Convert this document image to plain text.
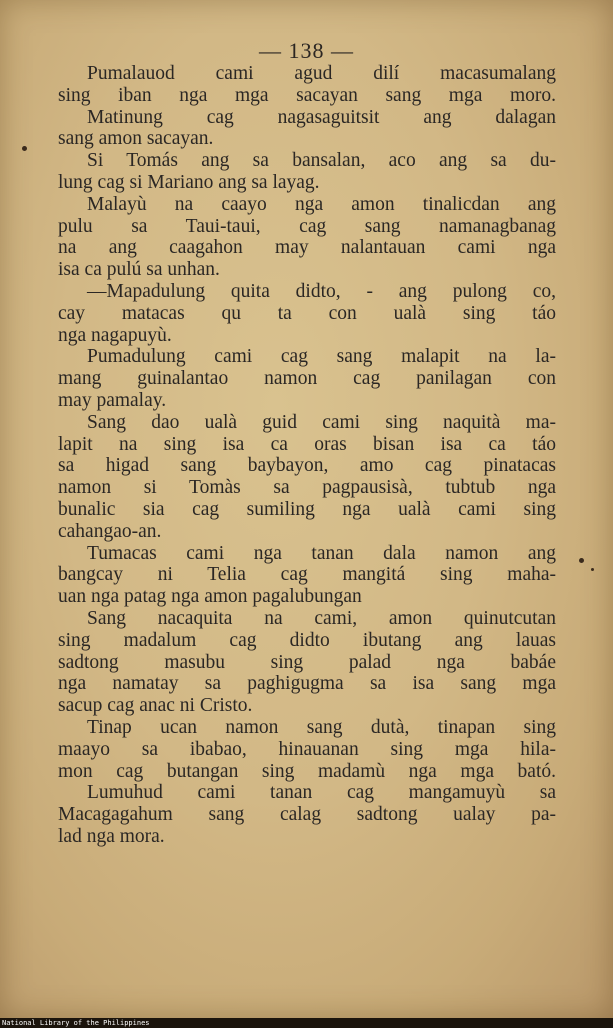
— 138 —
Pumalauod cami agud dilí macasumalang
sing iban nga mga sacayan sang mga moro.
Matinung cag nagasaguitsit ang dalagan
sang amon sacayan.
Si Tomás ang sa bansalan, aco ang sa du-
lung cag si Mariano ang sa layag.
Malayù na caayo nga amon tinalicdan ang
pulu sa Taui-taui, cag sang namanagbanag
na ang caagahon may nalantauan cami nga
isa ca pulú sa unhan.
—Mapadulung quita didto, - ang pulong co,
cay matacas qu ta con ualà sing táo
nga nagapuyù.
Pumadulung cami cag sang malapit na la-
mang guinalantao namon cag panilagan con
may pamalay.
Sang dao ualà guid cami sing naquità ma-
lapit na sing isa ca oras bisan isa ca táo
sa higad sang baybayon, amo cag pinatacas
namon si Tomàs sa pagpausisà, tubtub nga
bunalic sia cag sumiling nga ualà cami sing
cahangao-an.
Tumacas cami nga tanan dala namon ang
bangcay ni Telia cag mangitá sing maha-
uan nga patag nga amon pagalubungan
Sang nacaquita na cami, amon quinutcutan
sing madalum cag didto ibutang ang lauas
sadtong masubu sing palad nga babáe
nga namatay sa paghigugma sa isa sang mga
sacup cag anac ni Cristo.
Tinap ucan namon sang dutà, tinapan sing
maayo sa ibabao, hinauanan sing mga hila-
mon cag butangan sing madamù nga mga bató.
Lumuhud cami tanan cag mangamuyù sa
Macagagahum sang calag sadtong ualay pa-
lad nga mora.
National Library of the Philippines
